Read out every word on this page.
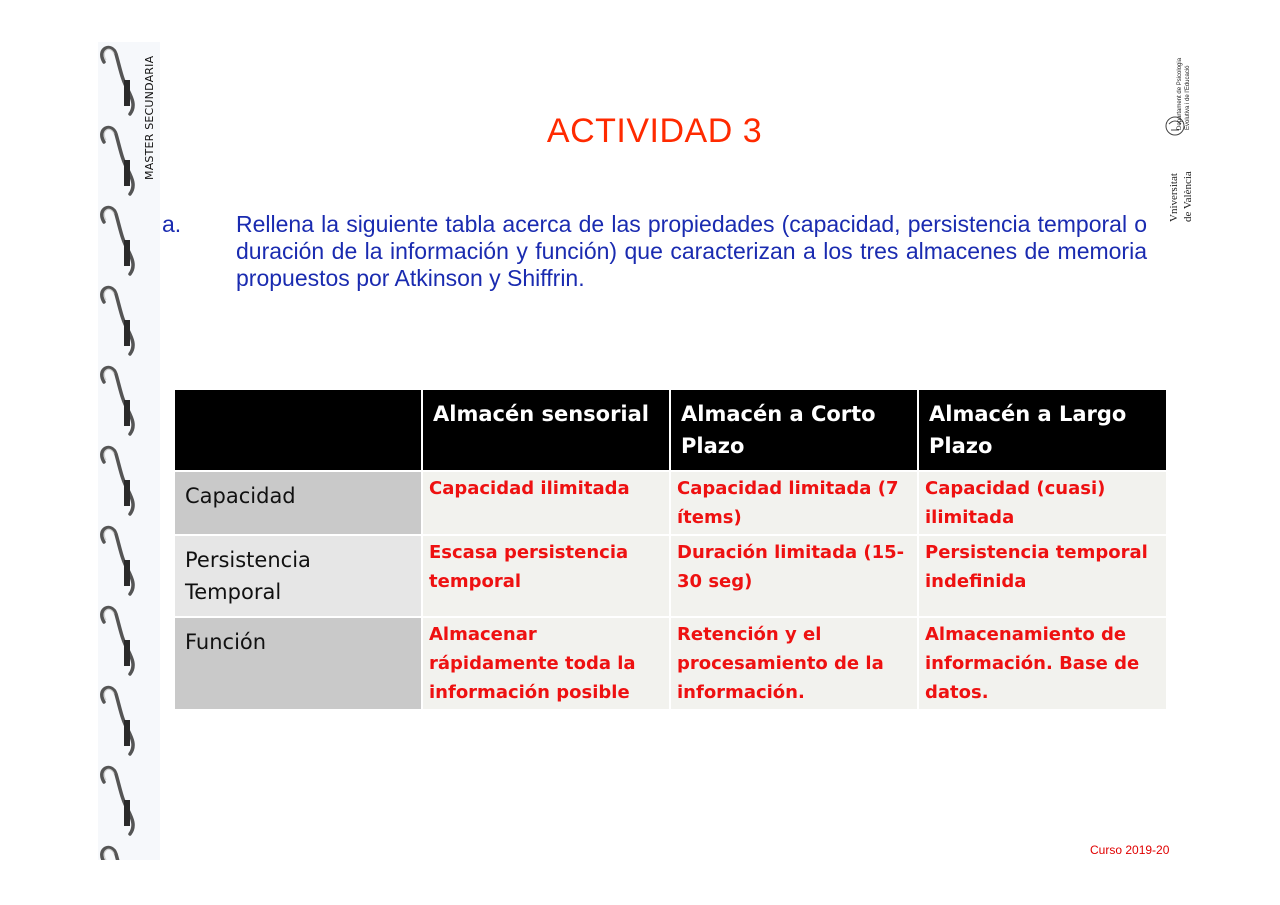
MASTER SECUNDARIA
Vniversitat de València
Departament de Psicologia Evolutiva i de l'Educació
ACTIVIDAD 3
a. Rellena la siguiente tabla acerca de las propiedades (capacidad, persistencia temporal o duración de la información y función) que caracterizan a los tres almacenes de memoria propuestos por Atkinson y Shiffrin.
	Almacén sensorial	Almacén a Corto Plazo	Almacén a Largo Plazo
Capacidad	Capacidad ilimitada	Capacidad limitada (7 ítems)	Capacidad (cuasi) ilimitada
Persistencia Temporal	Escasa persistencia temporal	Duración limitada (15-30 seg)	Persistencia temporal indefinida
Función	Almacenar rápidamente toda la información posible	Retención y el procesamiento de la información.	Almacenamiento de información. Base de datos.
Curso 2019-20
